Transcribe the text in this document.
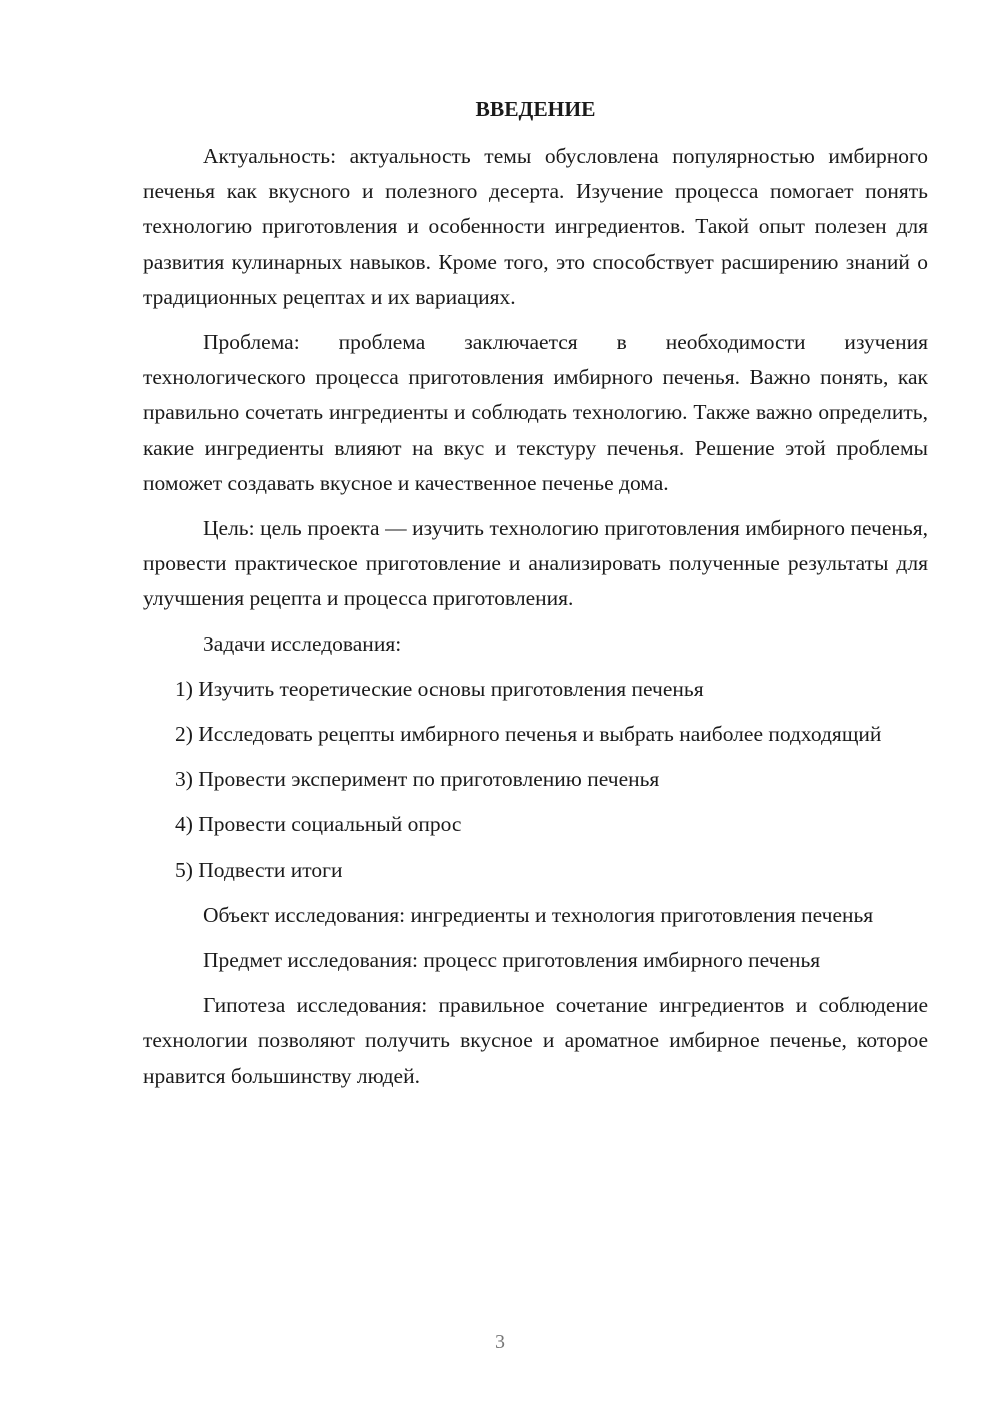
ВВЕДЕНИЕ

Актуальность: актуальность темы обусловлена популярностью имбирного печенья как вкусного и полезного десерта. Изучение процесса помогает понять технологию приготовления и особенности ингредиентов. Такой опыт полезен для развития кулинарных навыков. Кроме того, это способствует расширению знаний о традиционных рецептах и их вариациях.

Проблема: проблема заключается в необходимости изучения технологического процесса приготовления имбирного печенья. Важно понять, как правильно сочетать ингредиенты и соблюдать технологию. Также важно определить, какие ингредиенты влияют на вкус и текстуру печенья. Решение этой проблемы поможет создавать вкусное и качественное печенье дома.

Цель: цель проекта — изучить технологию приготовления имбирного печенья, провести практическое приготовление и анализировать полученные результаты для улучшения рецепта и процесса приготовления.

Задачи исследования:

1) Изучить теоретические основы приготовления печенья

2) Исследовать рецепты имбирного печенья и выбрать наиболее подходящий

3) Провести эксперимент по приготовлению печенья

4) Провести социальный опрос

5) Подвести итоги

Объект исследования: ингредиенты и технология приготовления печенья

Предмет исследования: процесс приготовления имбирного печенья

Гипотеза исследования: правильное сочетание ингредиентов и соблюдение технологии позволяют получить вкусное и ароматное имбирное печенье, которое нравится большинству людей.

3
